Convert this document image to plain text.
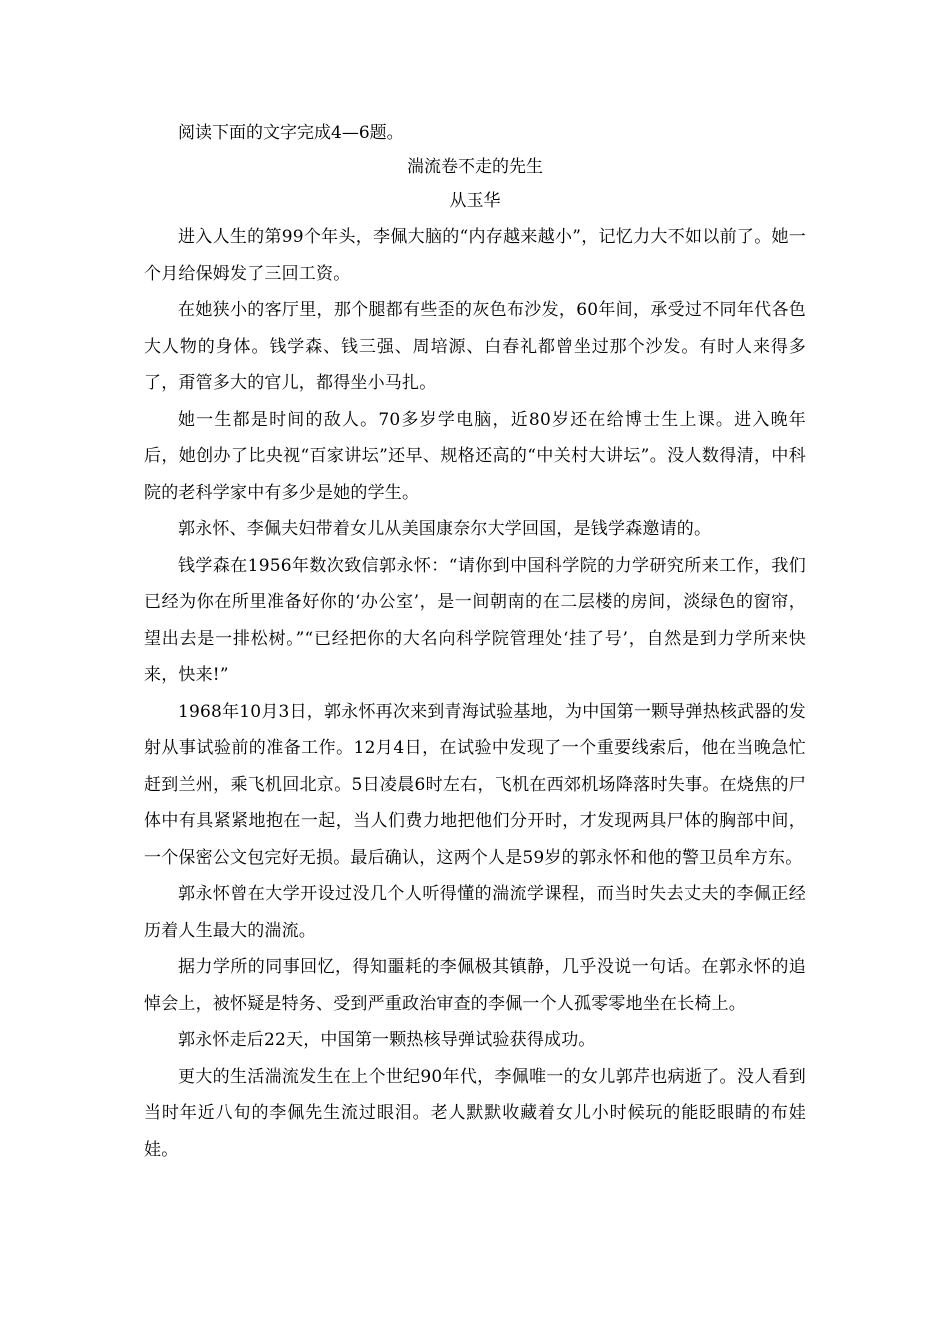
阅读下面的文字完成4—6题。
湍流卷不走的先生
从玉华

进入人生的第99个年头，李佩大脑的“内存越来越小”，记忆力大不如以前了。她一个月给保姆发了三回工资。

在她狭小的客厅里，那个腿都有些歪的灰色布沙发，60年间，承受过不同年代各色大人物的身体。钱学森、钱三强、周培源、白春礼都曾坐过那个沙发。有时人来得多了，甭管多大的官儿，都得坐小马扎。

她一生都是时间的敌人。70多岁学电脑，近80岁还在给博士生上课。进入晚年后，她创办了比央视“百家讲坛”还早、规格还高的“中关村大讲坛”。没人数得清，中科院的老科学家中有多少是她的学生。

郭永怀、李佩夫妇带着女儿从美国康奈尔大学回国，是钱学森邀请的。

钱学森在1956年数次致信郭永怀：“请你到中国科学院的力学研究所来工作，我们已经为你在所里准备好你的‘办公室’，是一间朝南的在二层楼的房间，淡绿色的窗帘，望出去是一排松树。”“已经把你的大名向科学院管理处‘挂了号’，自然是到力学所来快来，快来!”

1968年10月3日，郭永怀再次来到青海试验基地，为中国第一颗导弹热核武器的发射从事试验前的准备工作。12月4日，在试验中发现了一个重要线索后，他在当晚急忙赶到兰州，乘飞机回北京。5日凌晨6时左右，飞机在西郊机场降落时失事。在烧焦的尸体中有具紧紧地抱在一起，当人们费力地把他们分开时，才发现两具尸体的胸部中间，一个保密公文包完好无损。最后确认，这两个人是59岁的郭永怀和他的警卫员牟方东。

郭永怀曾在大学开设过没几个人听得懂的湍流学课程，而当时失去丈夫的李佩正经历着人生最大的湍流。

据力学所的同事回忆，得知噩耗的李佩极其镇静，几乎没说一句话。在郭永怀的追悼会上，被怀疑是特务、受到严重政治审查的李佩一个人孤零零地坐在长椅上。

郭永怀走后22天，中国第一颗热核导弹试验获得成功。

更大的生活湍流发生在上个世纪90年代，李佩唯一的女儿郭芹也病逝了。没人看到当时年近八旬的李佩先生流过眼泪。老人默默收藏着女儿小时候玩的能眨眼睛的布娃娃。
